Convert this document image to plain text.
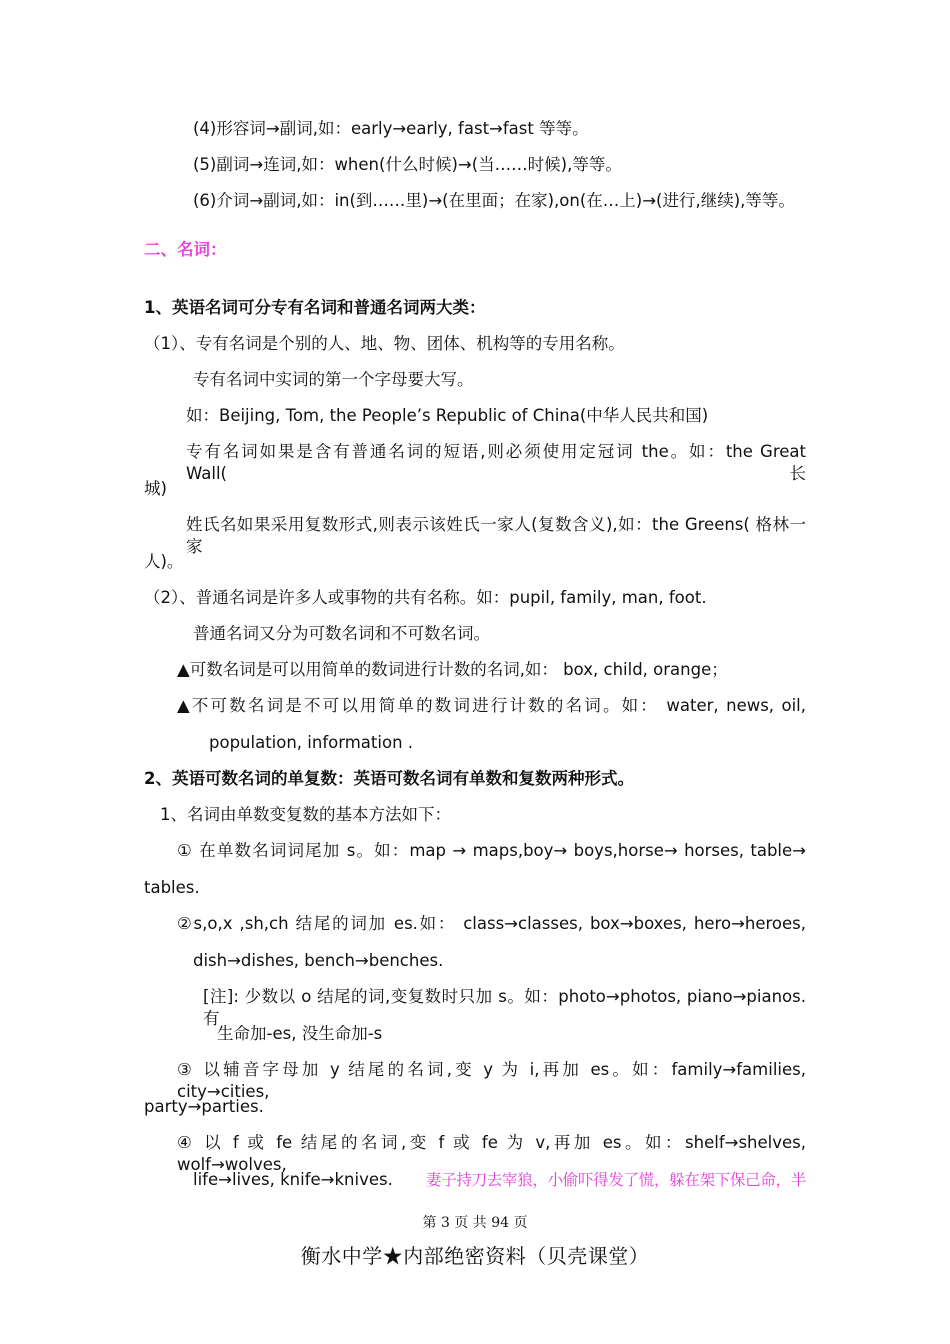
(4)形容词→副词,如：early→early, fast→fast 等等。
(5)副词→连词,如：when(什么时候)→(当……时候),等等。
(6)介词→副词,如：in(到……里)→(在里面；在家),on(在…上)→(进行,继续),等等。
二、名词：
1、英语名词可分专有名词和普通名词两大类：
（1）、专有名词是个别的人、地、物、团体、机构等的专用名称。
专有名词中实词的第一个字母要大写。
如：Beijing, Tom, the People’s Republic of China(中华人民共和国)
专有名词如果是含有普通名词的短语,则必须使用定冠词 the。如：the Great Wall(长
城)
姓氏名如果采用复数形式,则表示该姓氏一家人(复数含义),如：the Greens( 格林一家
人)。
（2）、普通名词是许多人或事物的共有名称。如：pupil, family, man, foot.
普通名词又分为可数名词和不可数名词。
▲可数名词是可以用简单的数词进行计数的名词,如： box, child, orange；
▲不可数名词是不可以用简单的数词进行计数的名词。如： water, news, oil,
population, information .
2、英语可数名词的单复数：英语可数名词有单数和复数两种形式。
1、名词由单数变复数的基本方法如下：
① 在单数名词词尾加 s。如：map → maps,boy→ boys,horse→ horses, table→
tables.
②s,o,x ,sh,ch 结尾的词加 es.如： class→classes, box→boxes, hero→heroes,
dish→dishes, bench→benches.
[注]: 少数以 o 结尾的词,变复数时只加 s。如：photo→photos, piano→pianos. 有
生命加-es, 没生命加-s
③ 以辅音字母加 y 结尾的名词,变 y 为 i,再加 es。如：family→families, city→cities,
party→parties.
④ 以 f 或 fe 结尾的名词,变 f 或 fe 为 v,再加 es。如：shelf→shelves, wolf→wolves,
life→lives, knife→knives.	妻子持刀去宰狼，小偷吓得发了慌，躲在架下保己命，半
第 3 页 共 94 页
衡水中学★内部绝密资料（贝壳课堂）
